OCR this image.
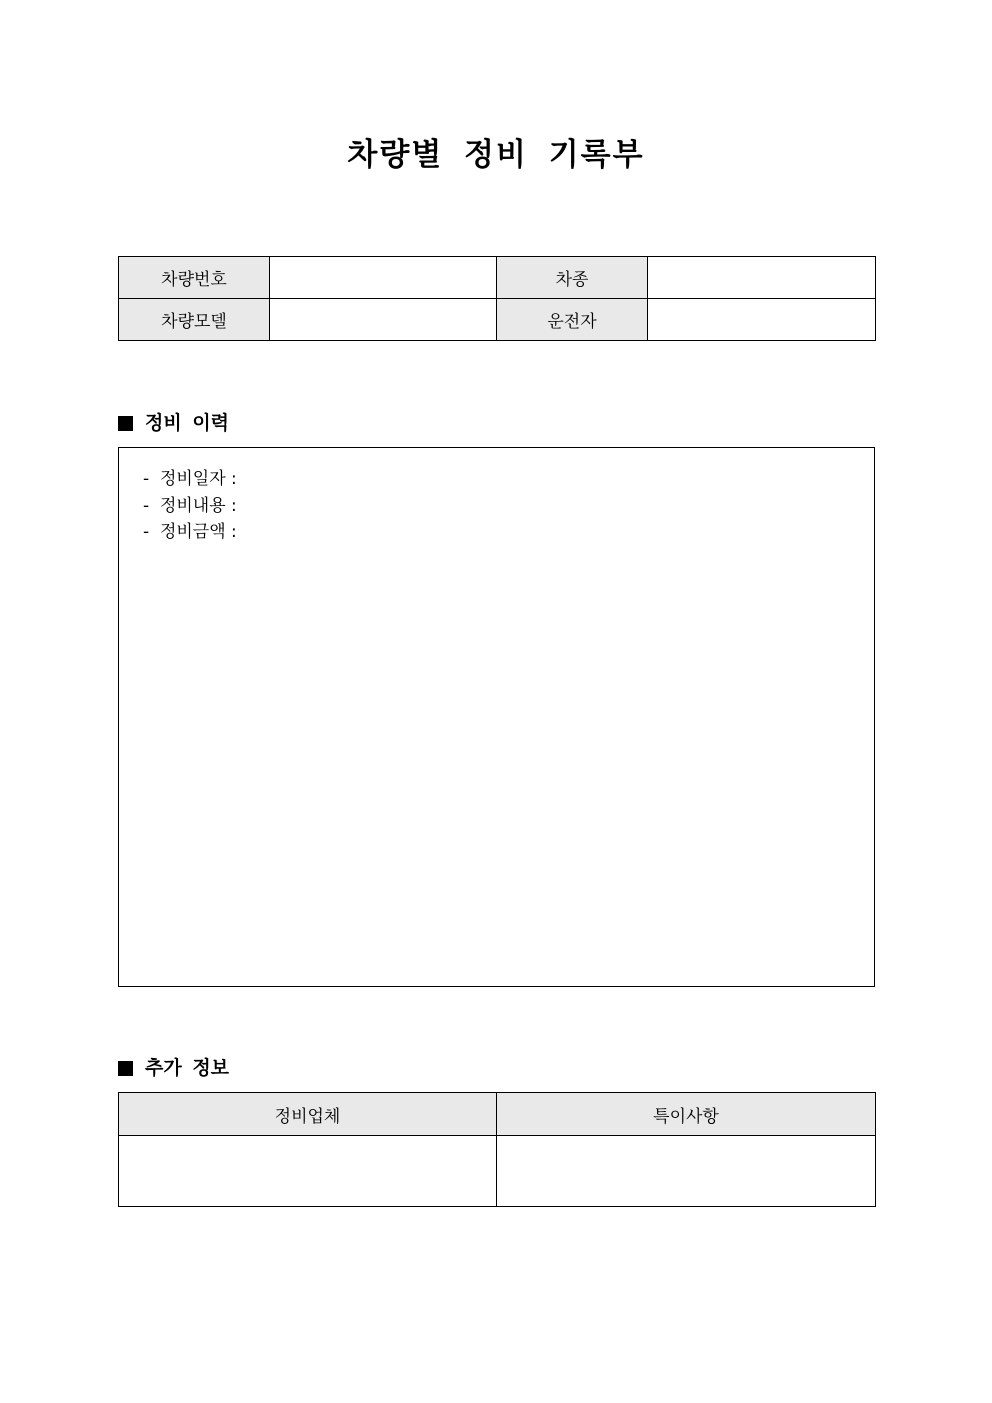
차량별 정비 기록부
차량번호		차종	
차량모델		운전자	
정비 이력
-  정비일자 :
-  정비내용 :
-  정비금액 :
추가 정보
정비업체	특이사항
